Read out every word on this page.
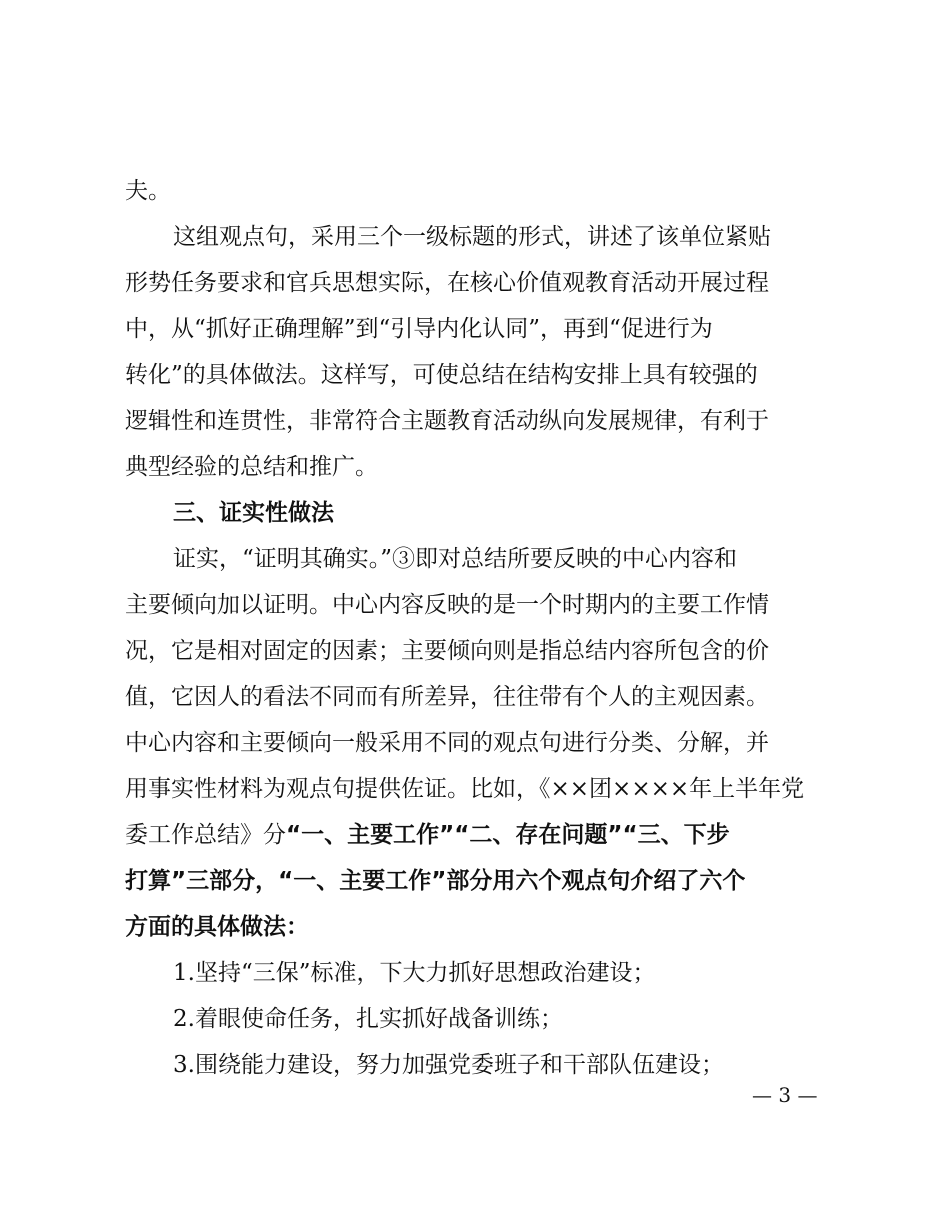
夫。
这组观点句，采用三个一级标题的形式，讲述了该单位紧贴
形势任务要求和官兵思想实际，在核心价值观教育活动开展过程
中，从“抓好正确理解”到“引导内化认同”，再到“促进行为
转化”的具体做法。这样写，可使总结在结构安排上具有较强的
逻辑性和连贯性，非常符合主题教育活动纵向发展规律，有利于
典型经验的总结和推广。
三、证实性做法
证实，“证明其确实。”③即对总结所要反映的中心内容和
主要倾向加以证明。中心内容反映的是一个时期内的主要工作情
况，它是相对固定的因素；主要倾向则是指总结内容所包含的价
值，它因人的看法不同而有所差异，往往带有个人的主观因素。
中心内容和主要倾向一般采用不同的观点句进行分类、分解，并
用事实性材料为观点句提供佐证。比如，《××团××××年上半年党
委工作总结》分“一、主要工作”“二、存在问题”“三、下步
打算”三部分，“一、主要工作”部分用六个观点句介绍了六个
方面的具体做法：
1.坚持“三保”标准，下大力抓好思想政治建设；
2.着眼使命任务，扎实抓好战备训练；
3.围绕能力建设，努力加强党委班子和干部队伍建设；
— 3 —
